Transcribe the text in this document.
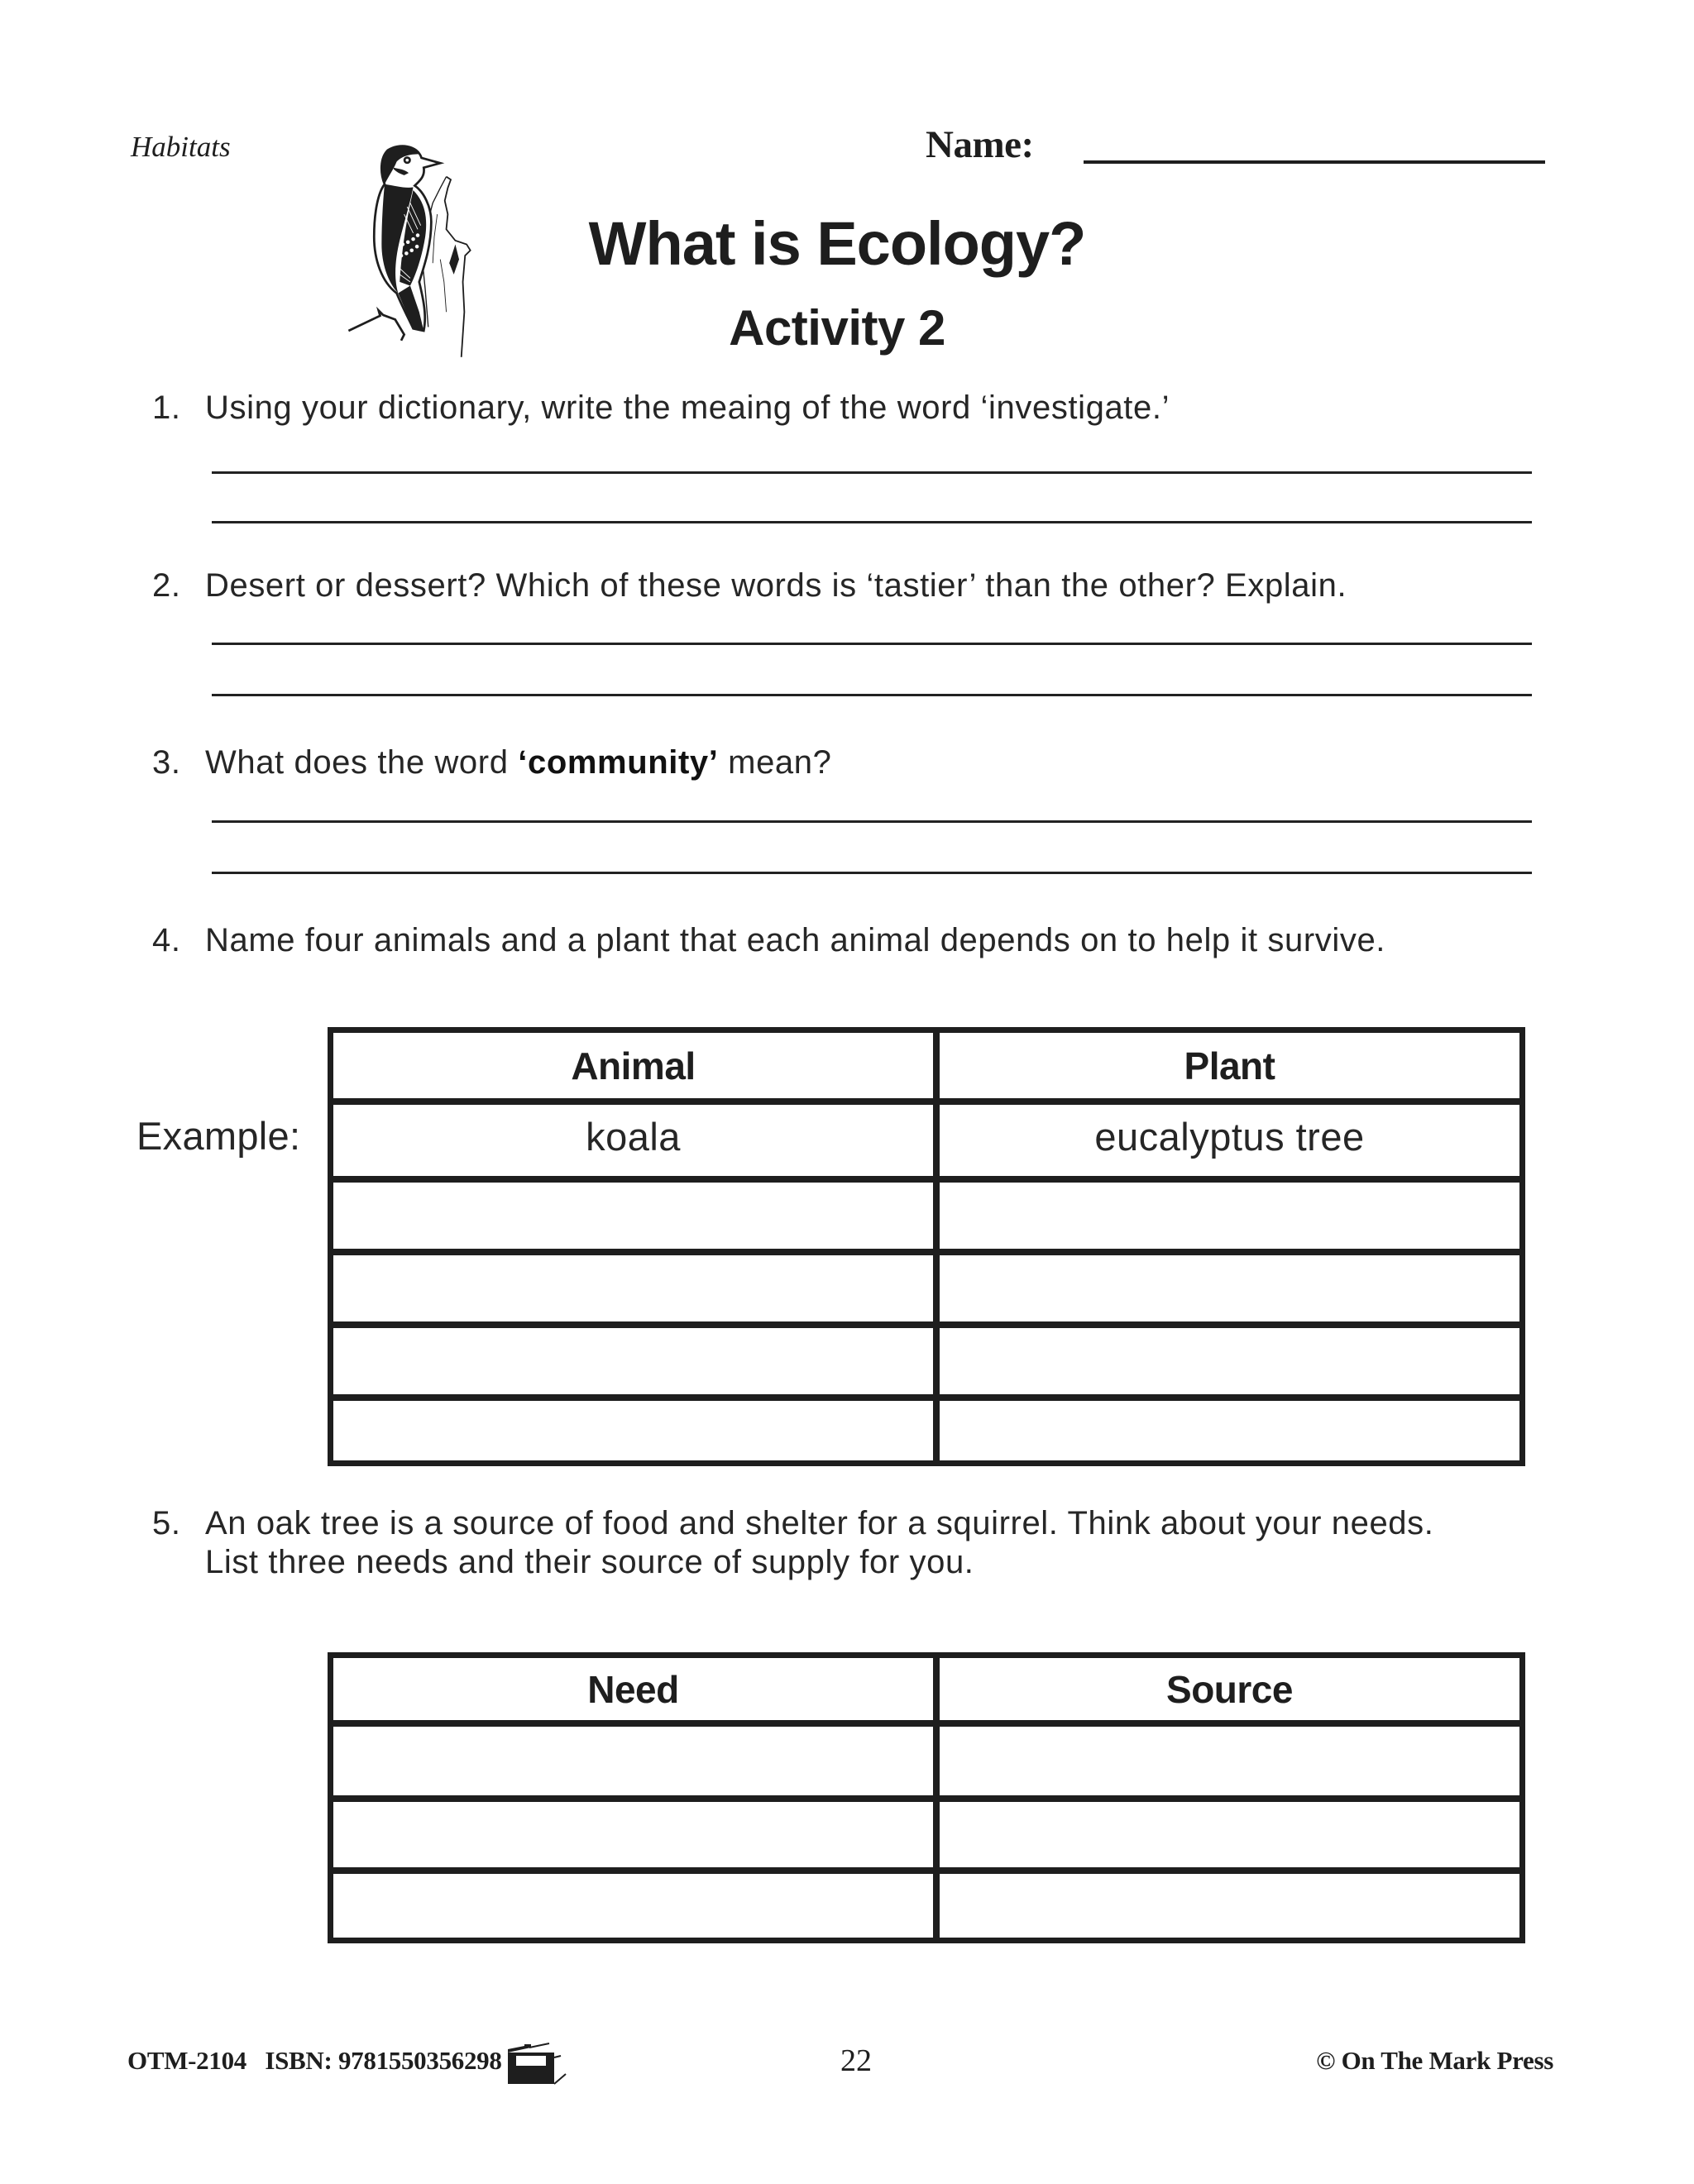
Habitats	Name:
What is Ecology?
Activity 2
1. Using your dictionary, write the meaing of the word ‘investigate.’
2. Desert or dessert? Which of these words is ‘tastier’ than the other? Explain.
3. What does the word ‘community’ mean?
4. Name four animals and a plant that each animal depends on to help it survive.
Example:
Animal	Plant
koala	eucalyptus tree
5. An oak tree is a source of food and shelter for a squirrel. Think about your needs.
List three needs and their source of supply for you.
Need	Source
OTM-2104   ISBN: 9781550356298	22	© On The Mark Press
